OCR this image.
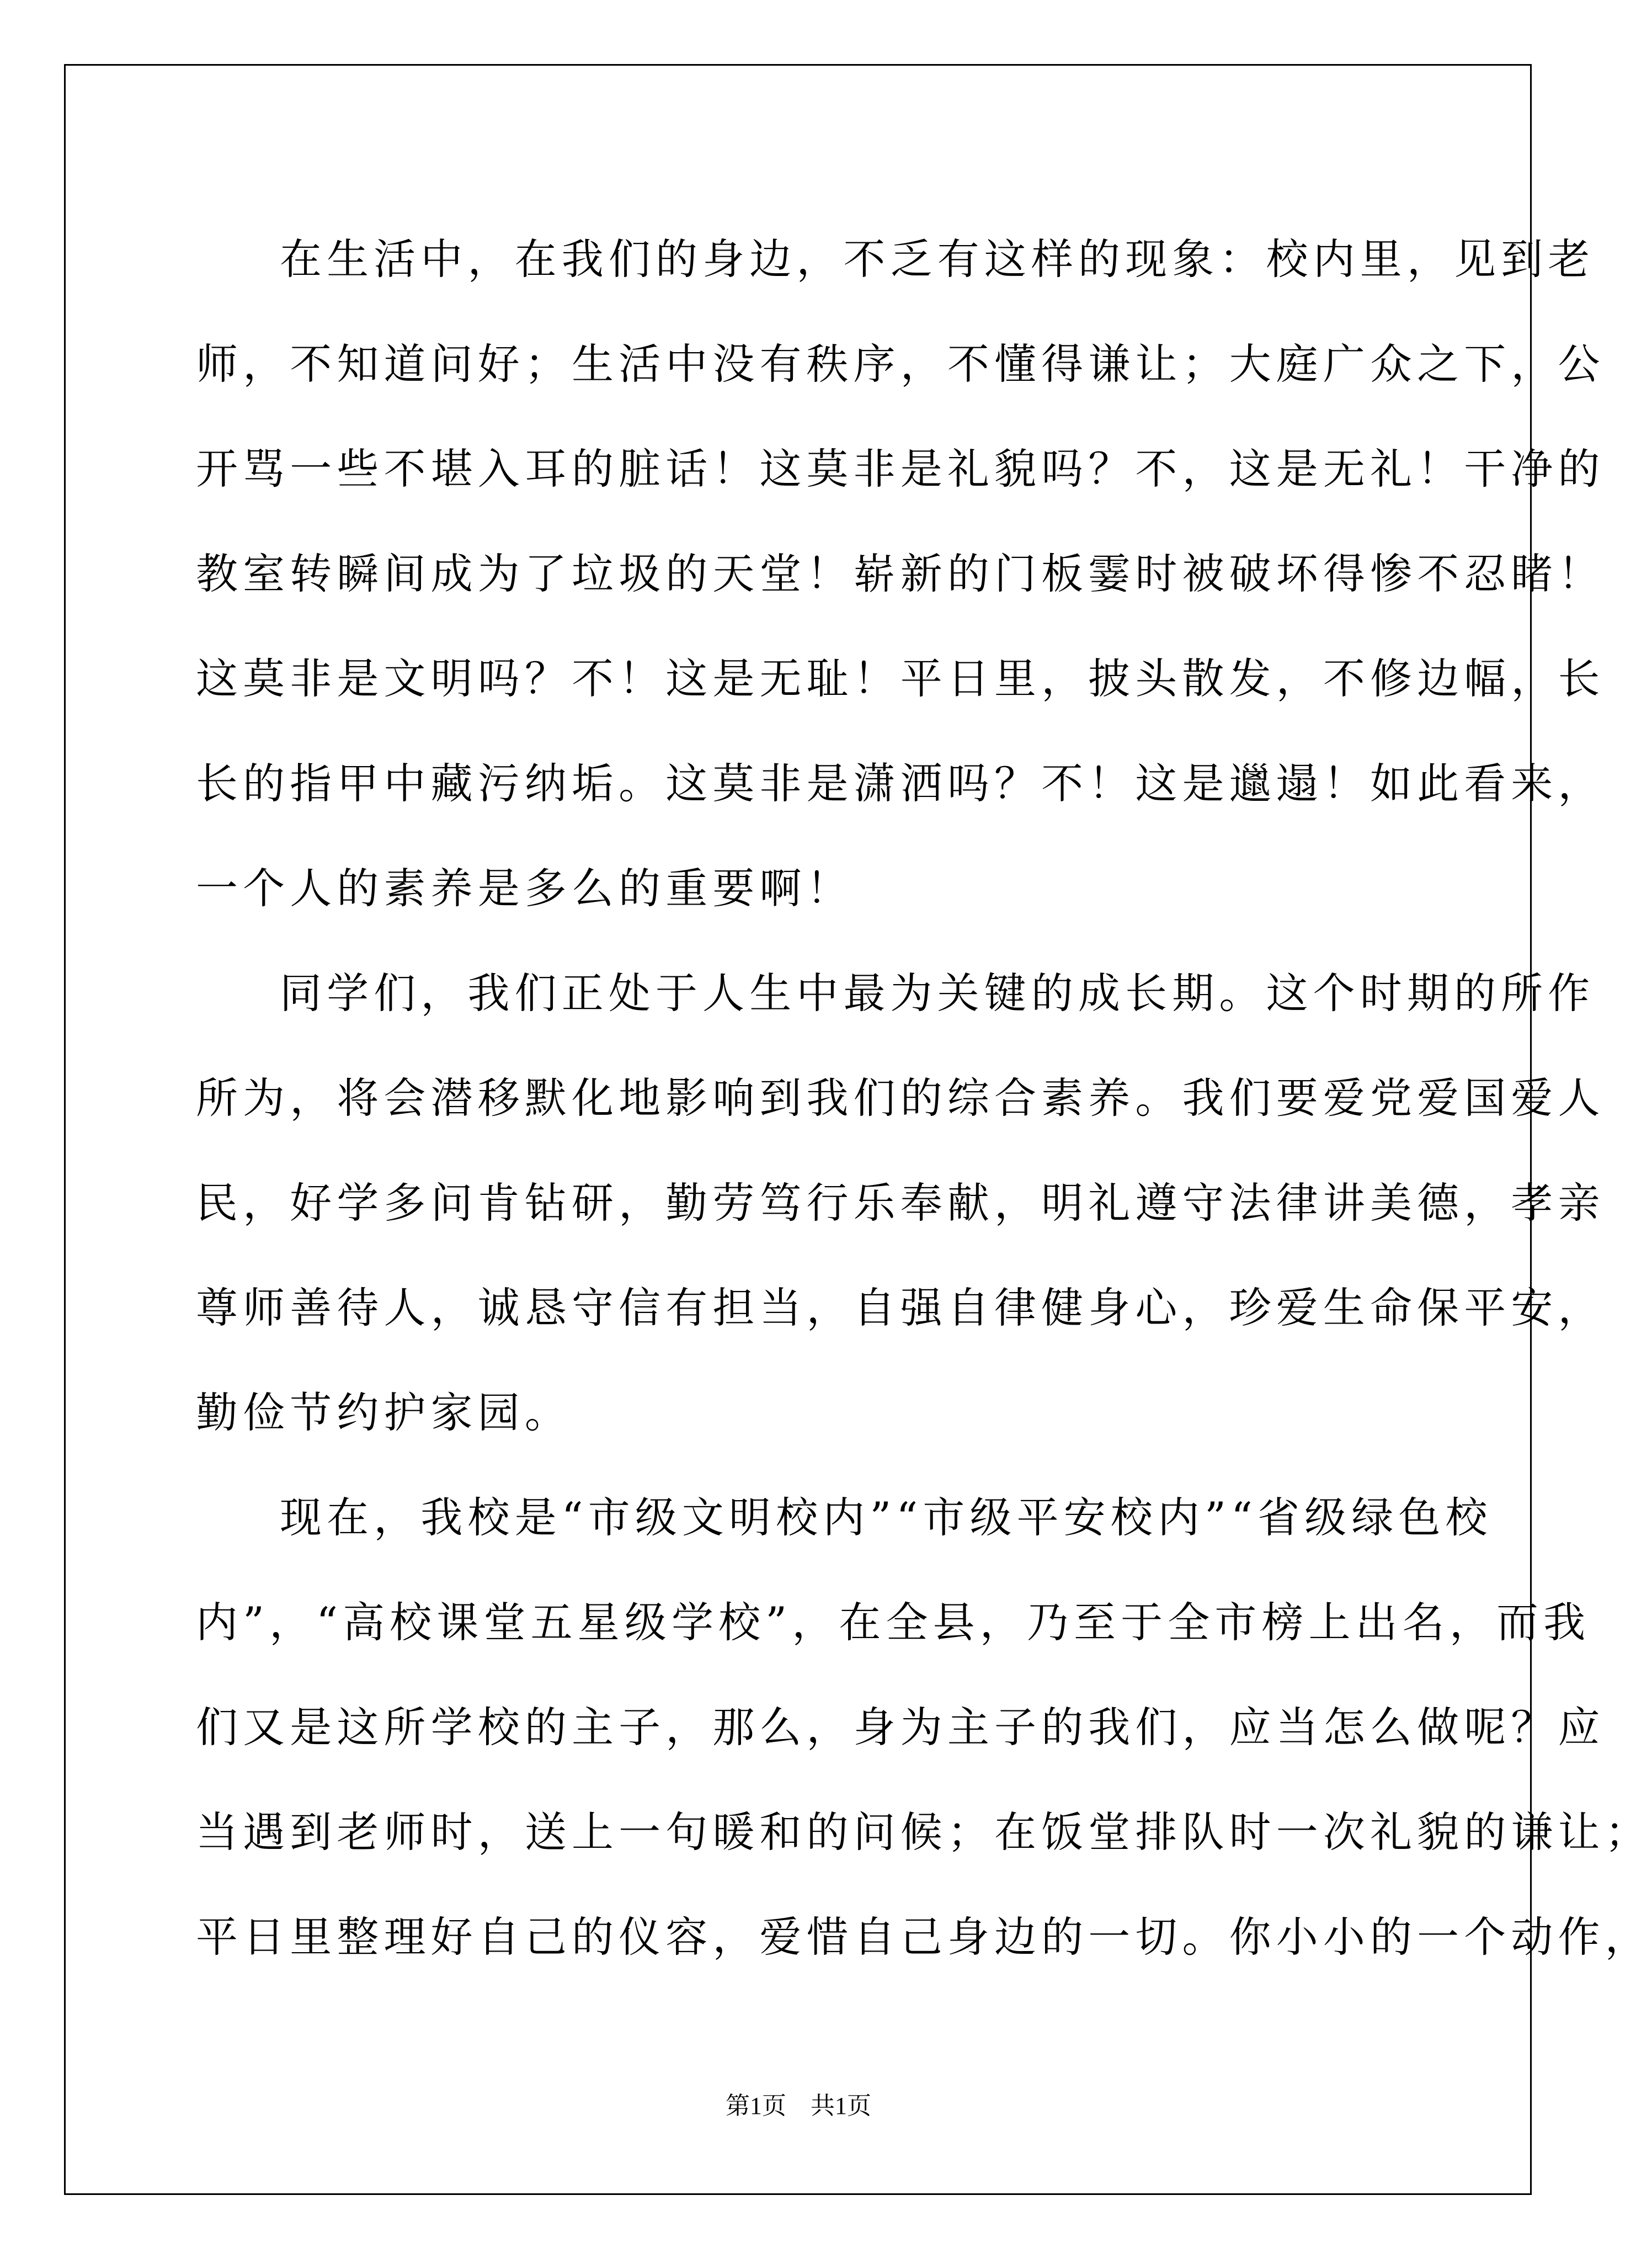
在生活中，在我们的身边，不乏有这样的现象：校内里，见到老
师，不知道问好；生活中没有秩序，不懂得谦让；大庭广众之下，公
开骂一些不堪入耳的脏话！这莫非是礼貌吗？不，这是无礼！干净的
教室转瞬间成为了垃圾的天堂！崭新的门板霎时被破坏得惨不忍睹！
这莫非是文明吗？不！这是无耻！平日里，披头散发，不修边幅，长
长的指甲中藏污纳垢。这莫非是潇洒吗？不！这是邋遢！如此看来，
一个人的素养是多么的重要啊！
同学们，我们正处于人生中最为关键的成长期。这个时期的所作
所为，将会潜移默化地影响到我们的综合素养。我们要爱党爱国爱人
民，好学多问肯钻研，勤劳笃行乐奉献，明礼遵守法律讲美德，孝亲
尊师善待人，诚恳守信有担当，自强自律健身心，珍爱生命保平安，
勤俭节约护家园。
现在，我校是“市级文明校内”“市级平安校内”“省级绿色校
内”，“高校课堂五星级学校”，在全县，乃至于全市榜上出名，而我
们又是这所学校的主子，那么，身为主子的我们，应当怎么做呢？应
当遇到老师时，送上一句暖和的问候；在饭堂排队时一次礼貌的谦让；
平日里整理好自己的仪容，爱惜自己身边的一切。你小小的一个动作，
第1页　共1页
